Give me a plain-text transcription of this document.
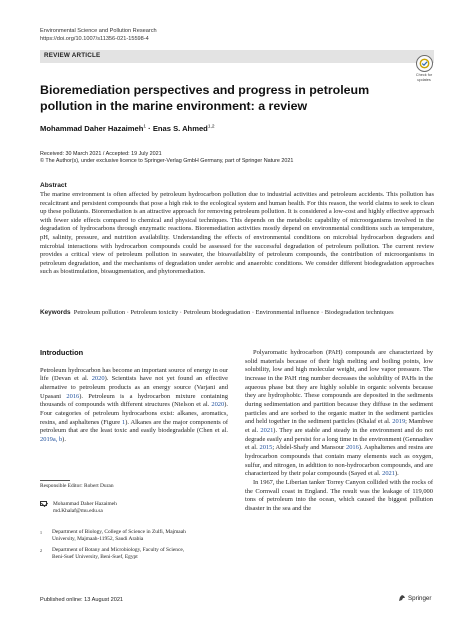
Environmental Science and Pollution Research
https://doi.org/10.1007/s11356-021-15598-4
REVIEW ARTICLE
Check for
updates
Bioremediation perspectives and progress in petroleum pollution in the marine environment: a review
Mohammad Daher Hazaimeh$^1$ · Enas S. Ahmed$^{1,2}$
Received: 30 March 2021 / Accepted: 19 July 2021
© The Author(s), under exclusive licence to Springer-Verlag GmbH Germany, part of Springer Nature 2021
Abstract

The marine environment is often affected by petroleum hydrocarbon pollution due to industrial activities and petroleum accidents. This pollution has recalcitrant and persistent compounds that pose a high risk to the ecological system and human health. For this reason, the world claims to seek to clean up these pollutants. Bioremediation is an attractive approach for removing petroleum pollution. It is considered a low-cost and highly effective approach with fewer side effects compared to chemical and physical techniques. This depends on the metabolic capability of microorganisms involved in the degradation of hydrocarbons through enzymatic reactions. Bioremediation activities mostly depend on environmental conditions such as temperature, pH, salinity, pressure, and nutrition availability. Understanding the effects of environmental conditions on microbial hydrocarbon degraders and microbial interactions with hydrocarbon compounds could be assessed for the successful degradation of petroleum pollution. The current review provides a critical view of petroleum pollution in seawater, the bioavailability of petroleum compounds, the contribution of microorganisms in petroleum degradation, and the mechanisms of degradation under aerobic and anaerobic conditions. We consider different biodegradation approaches such as biostimulation, bioaugmentation, and phytoremediation.

Keywords Petroleum pollution · Petroleum toxicity · Petroleum biodegradation · Environmental influence · Biodegradation techniques

Introduction

Petroleum hydrocarbon has become an important source of energy in our life (Devan et al. 2020). Scientists have not yet found an effective alternative to petroleum products as an energy source (Varjani and Upasani 2016). Petroleum is a hydrocarbon mixture containing thousands of compounds with different structures (Nielson et al. 2020). Four categories of petroleum hydrocarbons exist: alkanes, aromatics, resins, and asphaltenes (Figure 1). Alkanes are the major components of petroleum that are the least toxic and easily biodegradable (Chen et al. 2019a, b).

Responsible Editor: Robert Duran
Mohammad Daher Hazaimeh
md.Khalaf@mu.edu.sa
1	Department of Biology, College of Science in Zulfi, Majmaah
University, Majmaah-11952, Saudi Arabia
2	Department of Botany and Microbiology, Faculty of Science,
Beni-Suef University, Beni-Suef, Egypt

Polyaromatic hydrocarbon (PAH) compounds are characterized by solid materials because of their high melting and boiling points, low solubility, low and high molecular weight, and low vapor pressure. The increase in the PAH ring number decreases the solubility of PAHs in the aqueous phase but they are highly soluble in organic solvents because they are hydrophobic. These compounds are deposited in the sediments during sedimentation and partition because they diffuse in the sediment particles and are sorbed to the organic matter in the sediment particles and held together in the sediment particles (Khalaf et al. 2019; Mambwe et al. 2021). They are stable and steady in the environment and do not degrade easily and persist for a long time in the environment (Gennadiev et al. 2015; Abdel-Shafy and Mansour 2016). Asphaltenes and resins are hydrocarbon compounds that contain many elements such as oxygen, sulfur, and nitrogen, in addition to non-hydrocarbon compounds, and are characterized by their polar compounds (Sayed et al. 2021).

In 1967, the Liberian tanker Torrey Canyon collided with the rocks of the Cornwall coast in England. The result was the leakage of 119,000 tons of petroleum into the ocean, which caused the biggest pollution disaster in the sea and the

Published online: 13 August 2021	Springer
